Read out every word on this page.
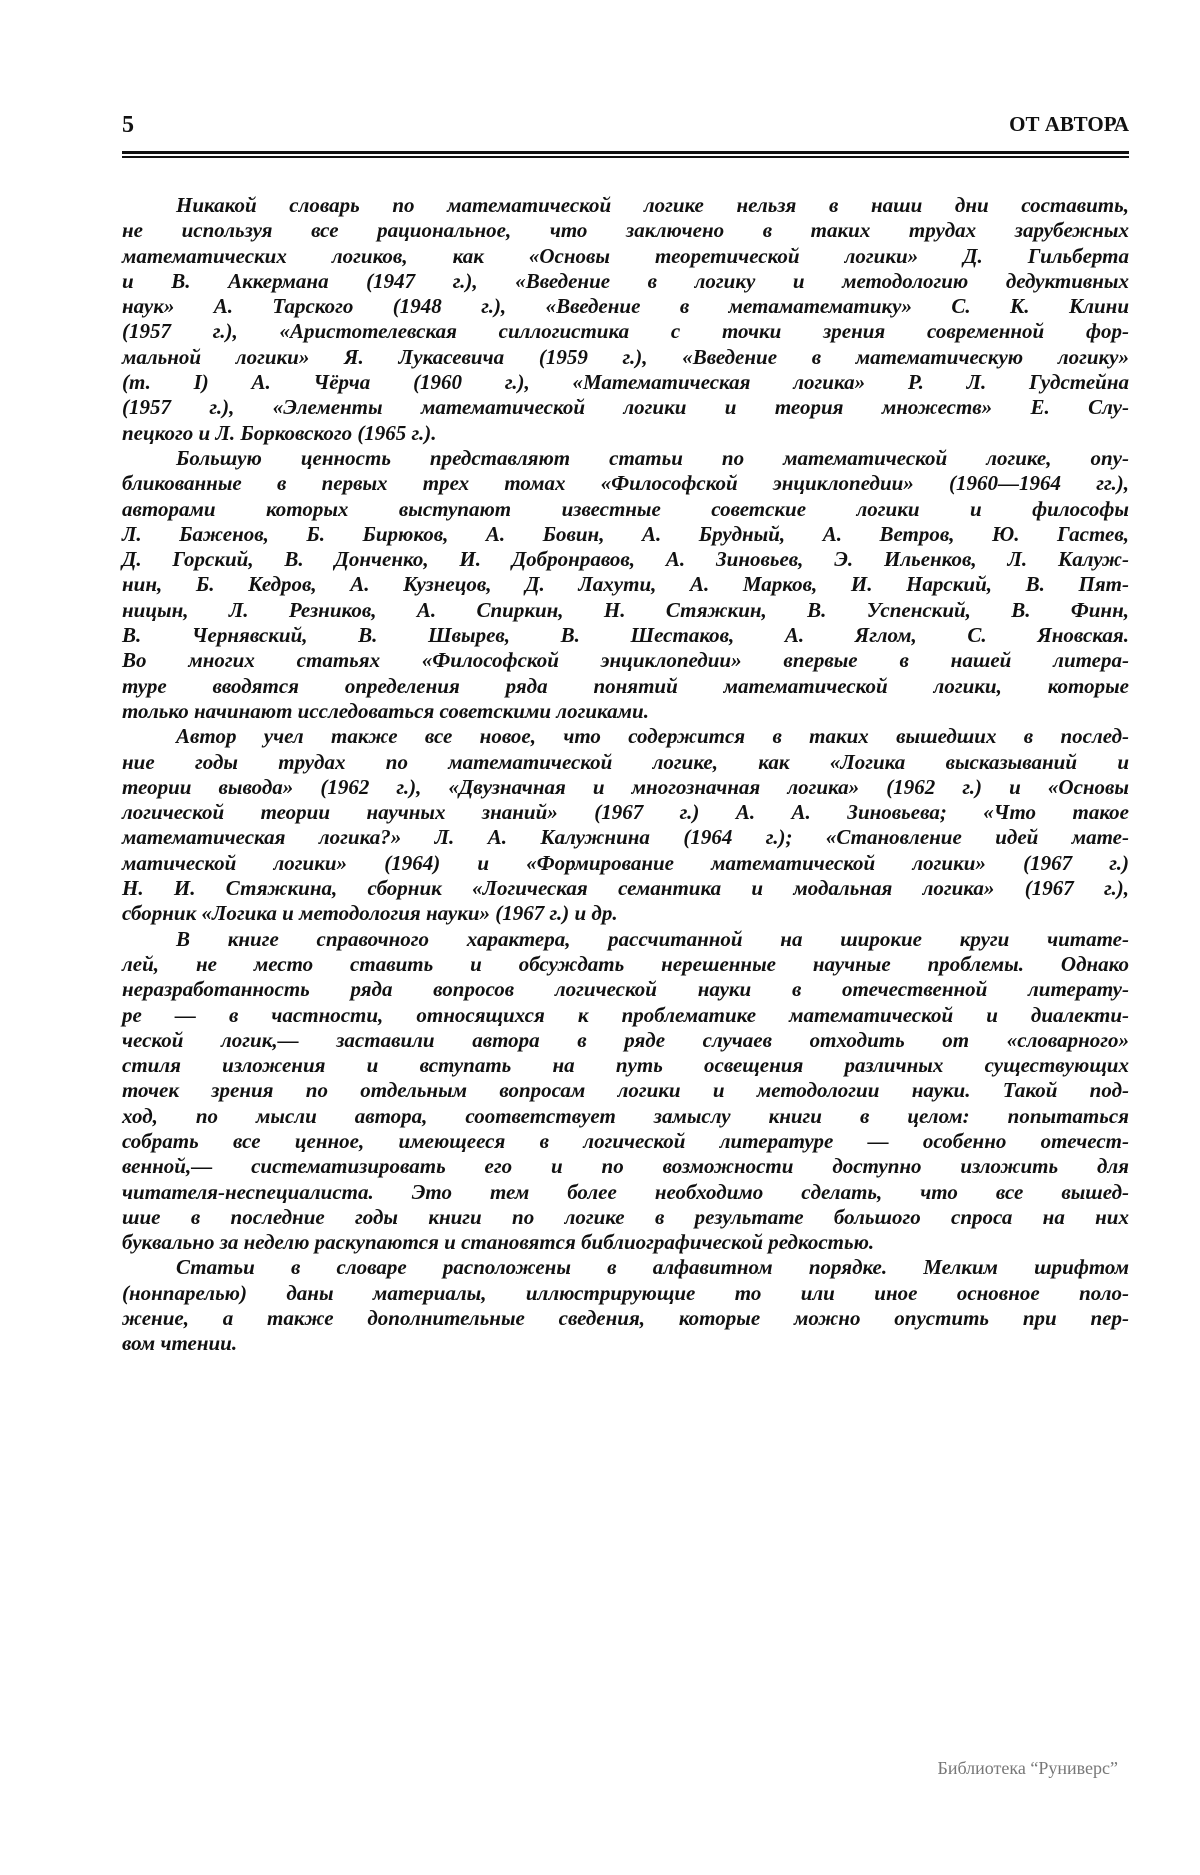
5	ОТ АВТОРА
Никакой словарь по математической логике нельзя в наши дни составить,
не используя все рациональное, что заключено в таких трудах зарубежных
математических логиков, как «Основы теоретической логики» Д. Гильберта
и В. Аккермана (1947 г.), «Введение в логику и методологию дедуктивных
наук» А. Тарского (1948 г.), «Введение в метаматематику» С. К. Клини
(1957 г.), «Аристотелевская силлогистика с точки зрения современной фор-
мальной логики» Я. Лукасевича (1959 г.), «Введение в математическую логику»
(т. I) А. Чёрча (1960 г.), «Математическая логика» Р. Л. Гудстейна
(1957 г.), «Элементы математической логики и теория множеств» Е. Слу-
пецкого и Л. Борковского (1965 г.).
Большую ценность представляют статьи по математической логике, опу-
бликованные в первых трех томах «Философской энциклопедии» (1960—1964 гг.),
авторами которых выступают известные советские логики и философы
Л. Баженов, Б. Бирюков, А. Бовин, А. Брудный, А. Ветров, Ю. Гастев,
Д. Горский, В. Донченко, И. Добронравов, А. Зиновьев, Э. Ильенков, Л. Калуж-
нин, Б. Кедров, А. Кузнецов, Д. Лахути, А. Марков, И. Нарский, В. Пят-
ницын, Л. Резников, А. Спиркин, Н. Стяжкин, В. Успенский, В. Финн,
В. Чернявский, В. Швырев, В. Шестаков, А. Яглом, С. Яновская.
Во многих статьях «Философской энциклопедии» впервые в нашей литера-
туре вводятся определения ряда понятий математической логики, которые
только начинают исследоваться советскими логиками.
Автор учел также все новое, что содержится в таких вышедших в послед-
ние годы трудах по математической логике, как «Логика высказываний и
теории вывода» (1962 г.), «Двузначная и многозначная логика» (1962 г.) и «Основы
логической теории научных знаний» (1967 г.) А. А. Зиновьева; «Что такое
математическая логика?» Л. А. Калужнина (1964 г.); «Становление идей мате-
матической логики» (1964) и «Формирование математической логики» (1967 г.)
Н. И. Стяжкина, сборник «Логическая семантика и модальная логика» (1967 г.),
сборник «Логика и методология науки» (1967 г.) и др.
В книге справочного характера, рассчитанной на широкие круги читате-
лей, не место ставить и обсуждать нерешенные научные проблемы. Однако
неразработанность ряда вопросов логической науки в отечественной литерату-
ре — в частности, относящихся к проблематике математической и диалекти-
ческой логик,— заставили автора в ряде случаев отходить от «словарного»
стиля изложения и вступать на путь освещения различных существующих
точек зрения по отдельным вопросам логики и методологии науки. Такой под-
ход, по мысли автора, соответствует замыслу книги в целом: попытаться
собрать все ценное, имеющееся в логической литературе — особенно отечест-
венной,— систематизировать его и по возможности доступно изложить для
читателя-неспециалиста. Это тем более необходимо сделать, что все вышед-
шие в последние годы книги по логике в результате большого спроса на них
буквально за неделю раскупаются и становятся библиографической редкостью.
Статьи в словаре расположены в алфавитном порядке. Мелким шрифтом
(нонпарелью) даны материалы, иллюстрирующие то или иное основное поло-
жение, а также дополнительные сведения, которые можно опустить при пер-
вом чтении.
Библиотека “Руниверс”
